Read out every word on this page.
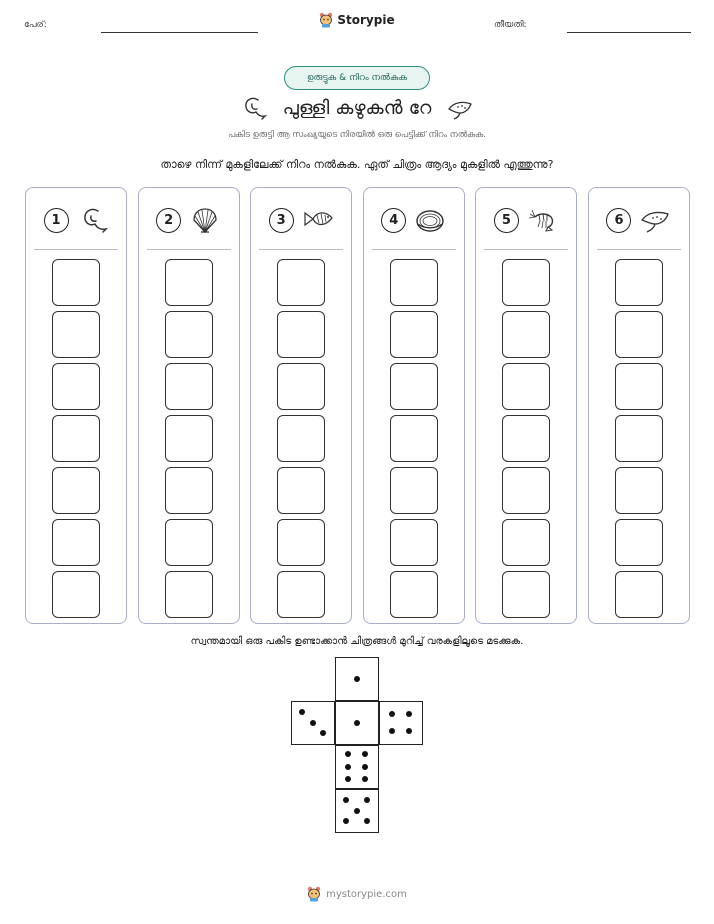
പേര്:	Storypie	തീയതി:
ഉരുട്ടുക & നിറം നൽകുക
പുള്ളി കഴുകൻ റേ
പകിട ഉരുട്ടി ആ സംഖ്യയുടെ നിരയിൽ ഒരു പെട്ടിക്ക് നിറം നൽകുക.
താഴെ നിന്ന് മുകളിലേക്ക് നിറം നൽകുക. ഏത് ചിത്രം ആദ്യം മുകളിൽ എത്തുന്നു?
1	2	3	4	5	6
സ്വന്തമായി ഒരു പകിട ഉണ്ടാക്കാൻ ചിത്രങ്ങൾ മുറിച്ച് വരകളിലൂടെ മടക്കുക.
mystorypie.com
